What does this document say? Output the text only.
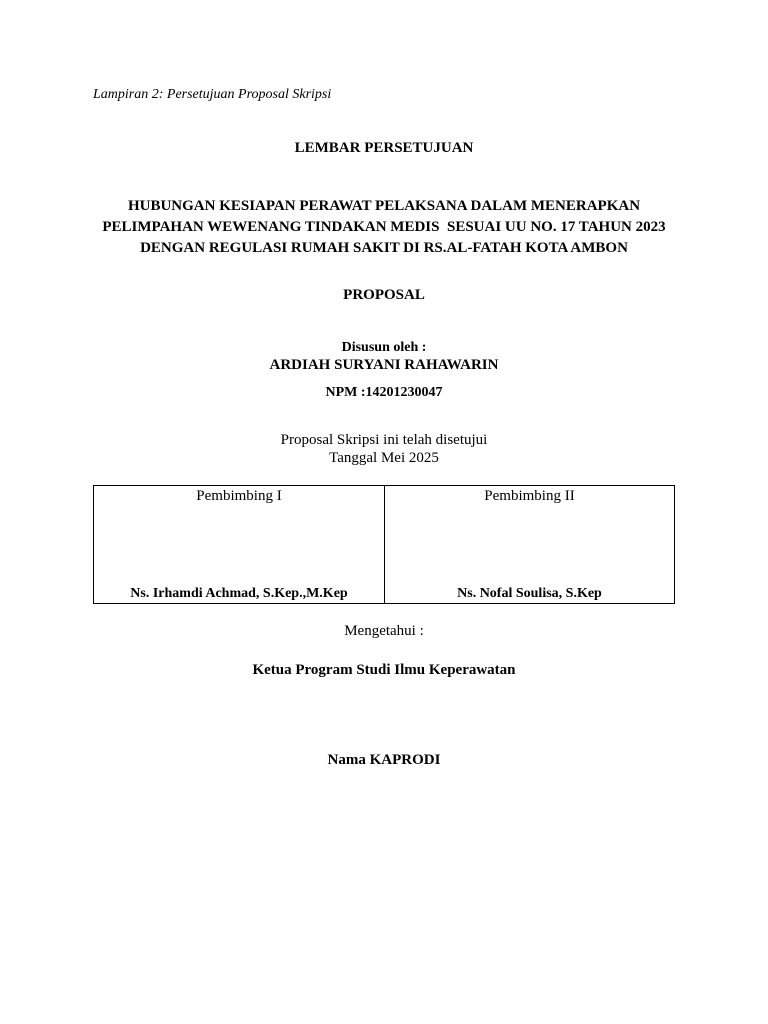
Lampiran 2: Persetujuan Proposal Skripsi
LEMBAR PERSETUJUAN
HUBUNGAN KESIAPAN PERAWAT PELAKSANA DALAM MENERAPKAN
PELIMPAHAN WEWENANG TINDAKAN MEDIS  SESUAI UU NO. 17 TAHUN 2023
DENGAN REGULASI RUMAH SAKIT DI RS.AL-FATAH KOTA AMBON
PROPOSAL
Disusun oleh :
ARDIAH SURYANI RAHAWARIN
NPM :14201230047
Proposal Skripsi ini telah disetujui
Tanggal Mei 2025
Pembimbing I
Ns. Irhamdi Achmad, S.Kep.,M.Kep
Pembimbing II
Ns. Nofal Soulisa, S.Kep
Mengetahui :
Ketua Program Studi Ilmu Keperawatan
Nama KAPRODI
